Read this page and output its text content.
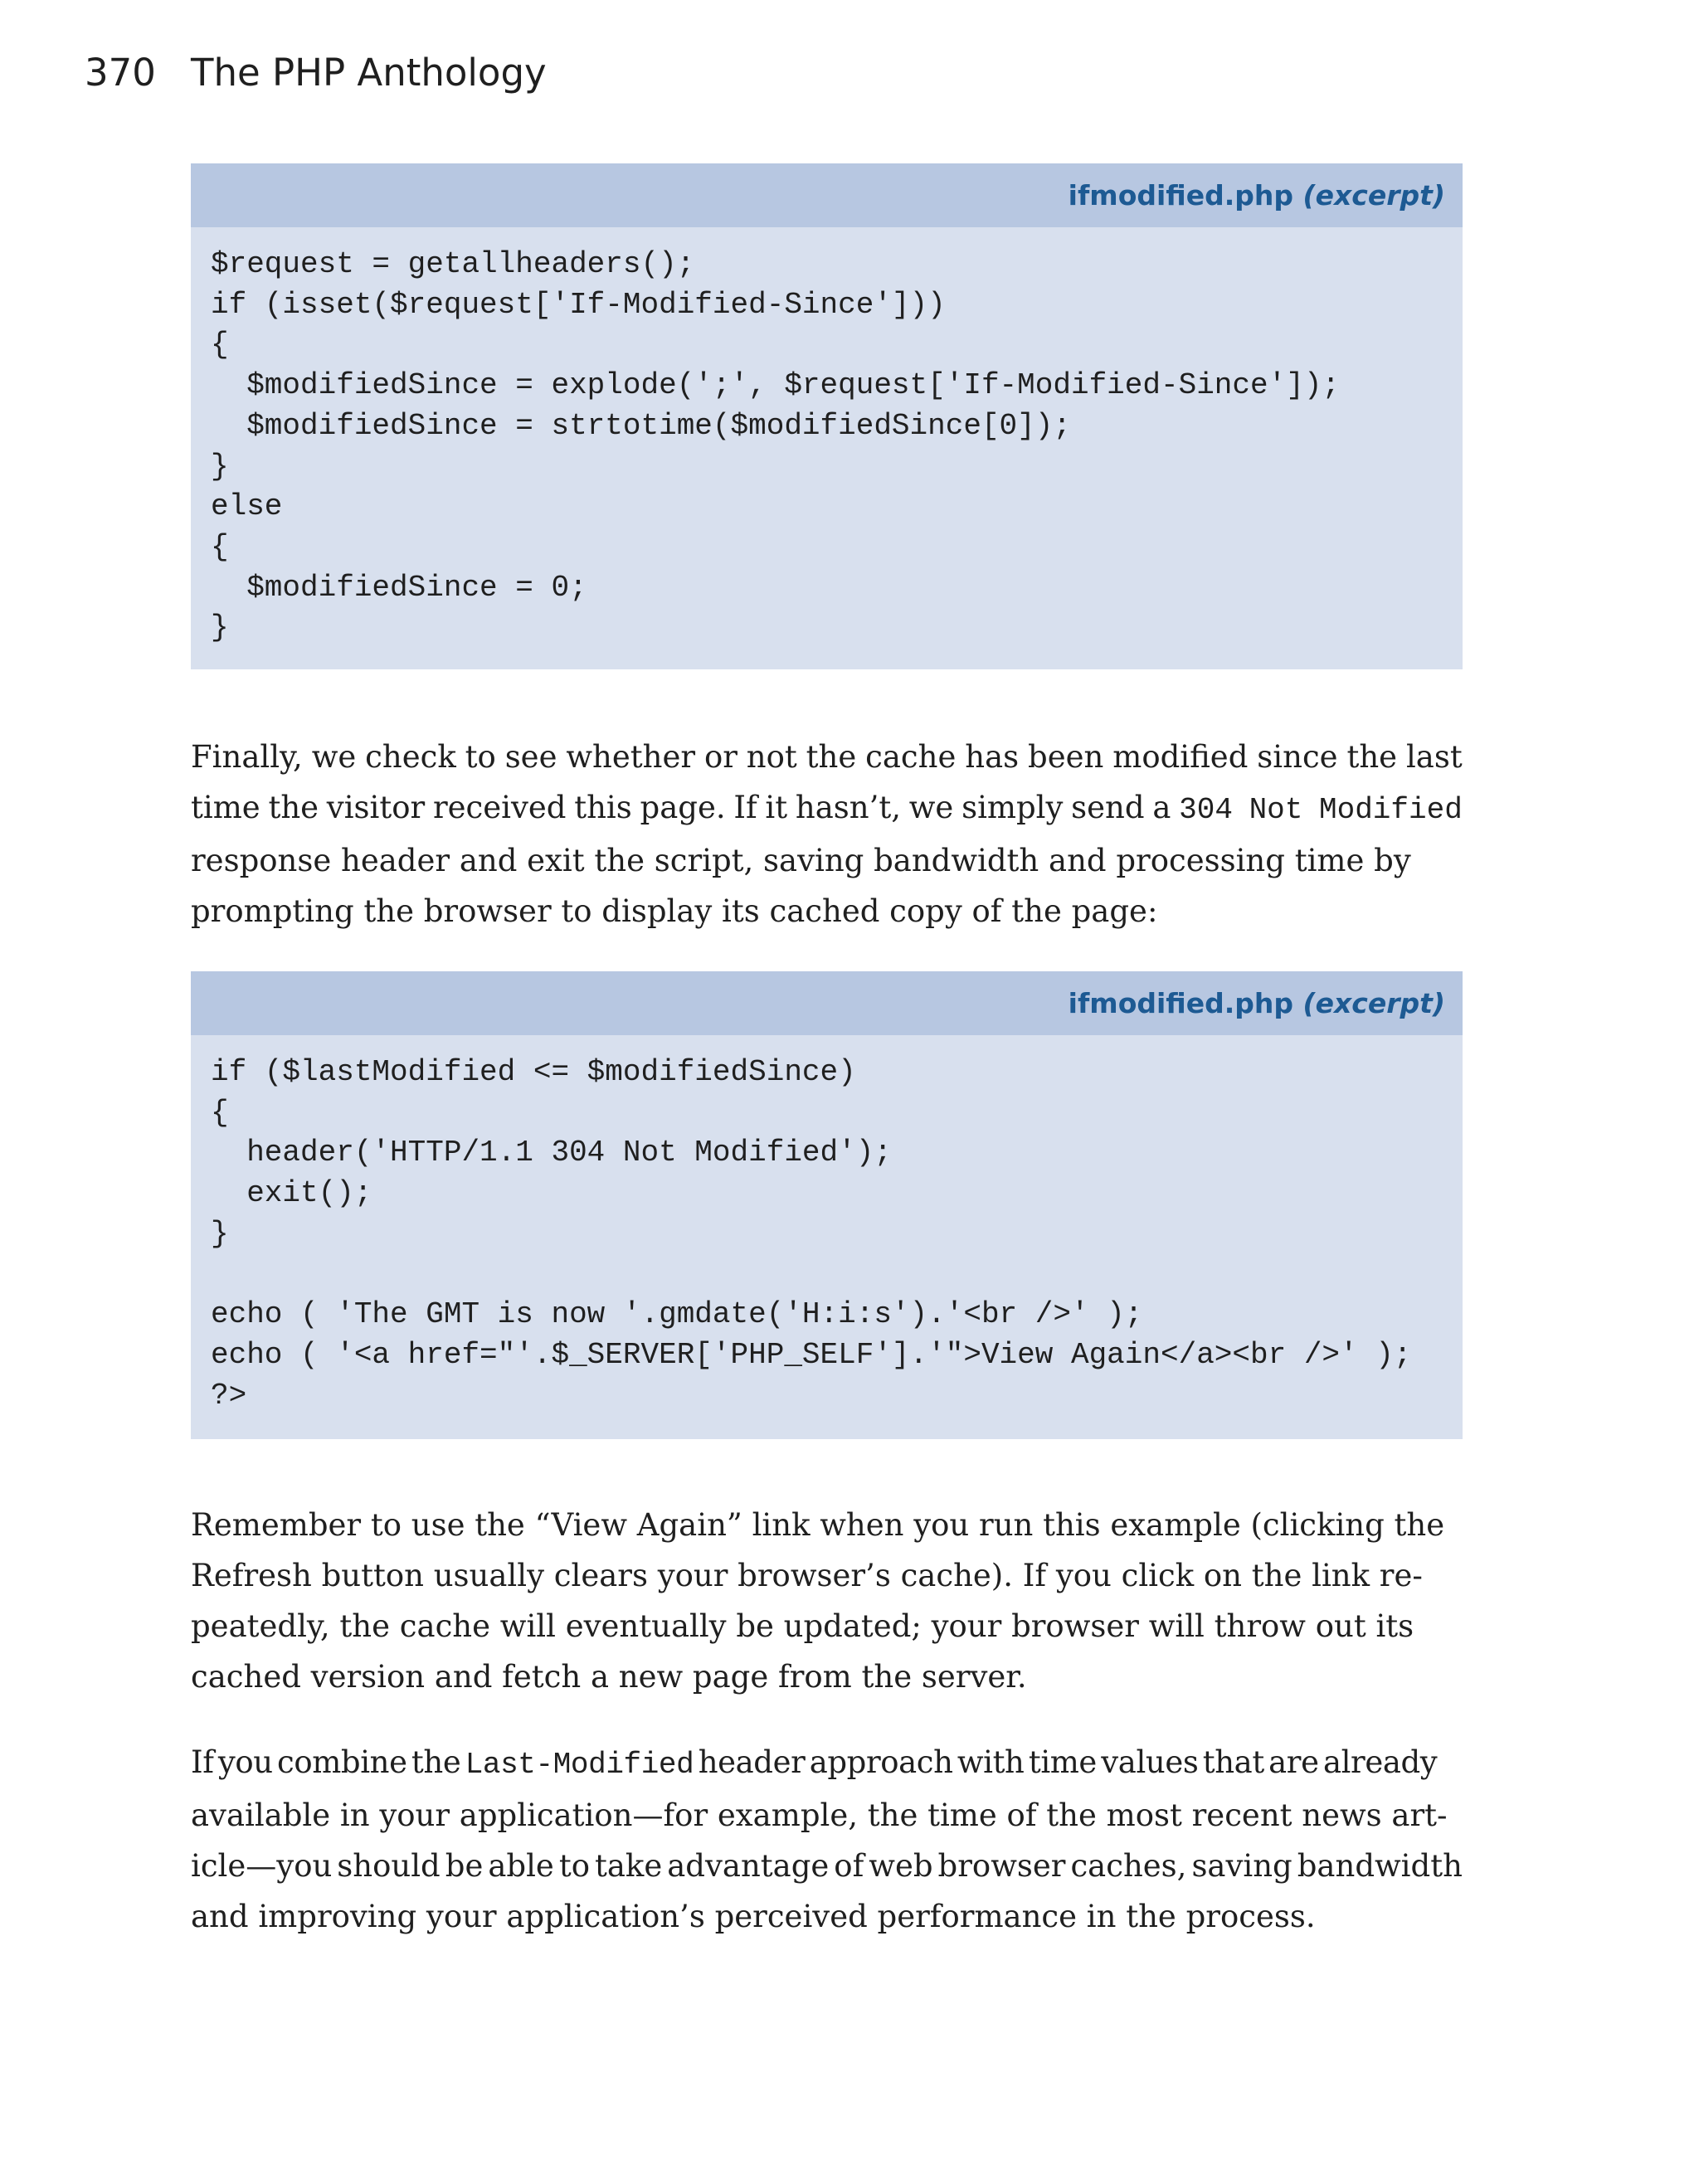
370 The PHP Anthology
ifmodified.php (excerpt)
$request = getallheaders();
if (isset($request['If-Modified-Since']))
{
$modifiedSince = explode(';', $request['If-Modified-Since']);
$modifiedSince = strtotime($modifiedSince[0]);
}
else
{
$modifiedSince = 0;
}

Finally, we check to see whether or not the cache has been modified since the last
time the visitor received this page. If it hasn’t, we simply send a 304 Not Modified
response header and exit the script, saving bandwidth and processing time by
prompting the browser to display its cached copy of the page:

ifmodified.php (excerpt)
if ($lastModified <= $modifiedSince)
{
header('HTTP/1.1 304 Not Modified');
exit();
}

echo ( 'The GMT is now '.gmdate('H:i:s').'<br />' );
echo ( '<a href="'.$_SERVER['PHP_SELF'].'">View Again</a><br />' );
?>

Remember to use the “View Again” link when you run this example (clicking the
Refresh button usually clears your browser’s cache). If you click on the link re-
peatedly, the cache will eventually be updated; your browser will throw out its
cached version and fetch a new page from the server.

If you combine the Last-Modified header approach with time values that are already
available in your application—for example, the time of the most recent news art-
icle—you should be able to take advantage of web browser caches, saving bandwidth
and improving your application’s perceived performance in the process.
